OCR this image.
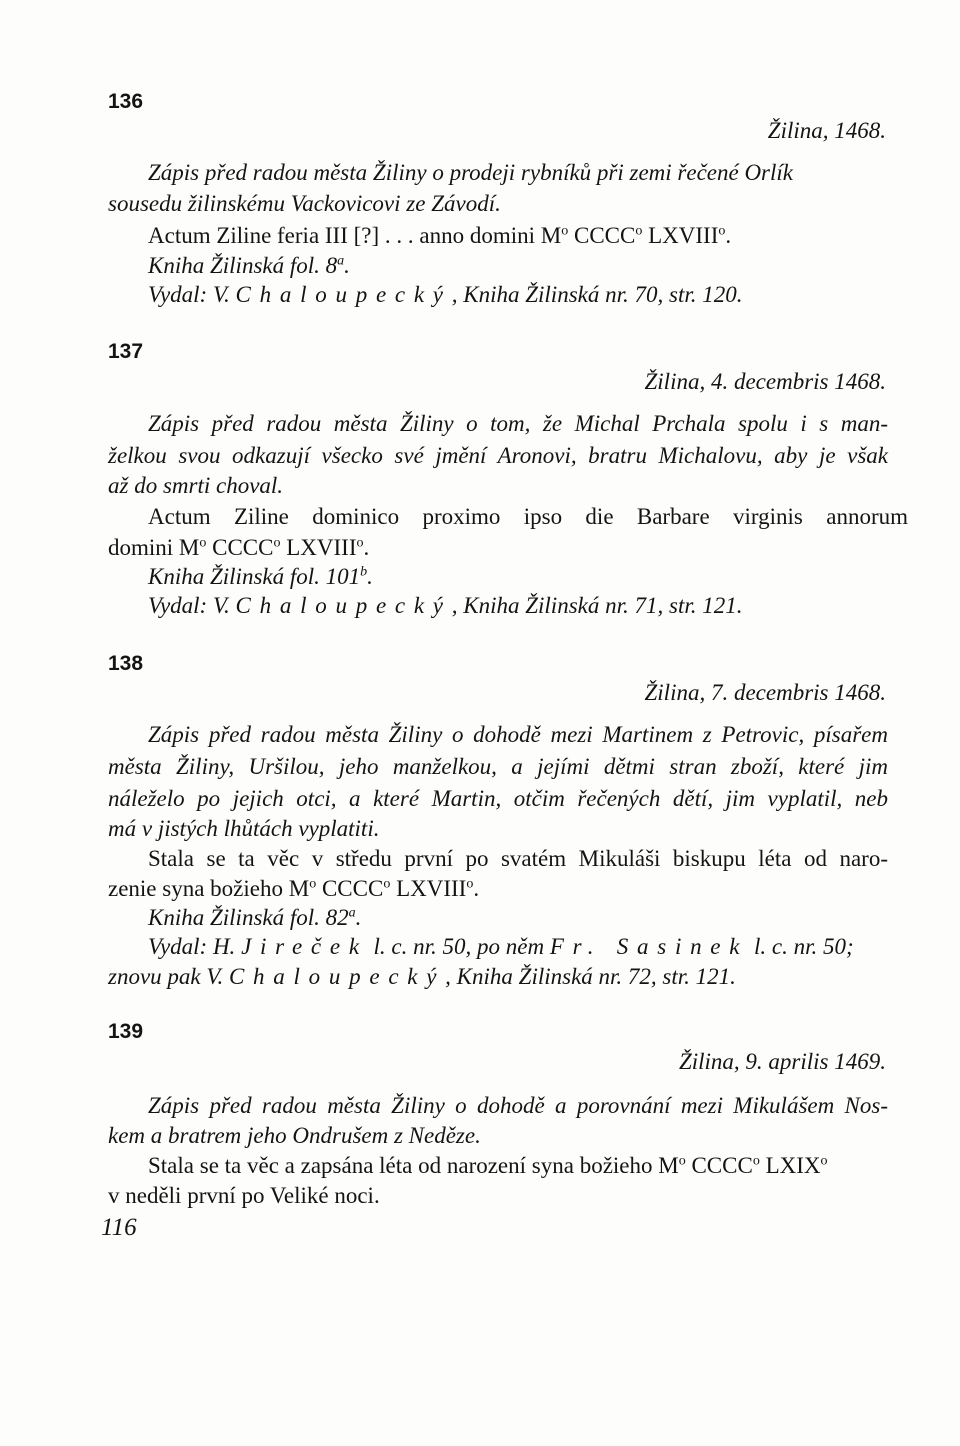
136
Žilina, 1468.
Zápis před radou města Žiliny o prodeji rybníků při zemi řečené Orlík
sousedu žilinskému Vackovicovi ze Závodí.
Actum Ziline feria III [?] . . . anno domini $M^o$ CCCC$^o$ LXVIII$^o$.
Kniha Žilinská fol. 8$^a$.
Vydal: V. Chaloupecký, Kniha Žilinská nr. 70, str. 120.
137
Žilina, 4. decembris 1468.
Zápis před radou města Žiliny o tom, že Michal Prchala spolu i s man-
želkou svou odkazují všecko své jmění Aronovi, bratru Michalovu, aby je však
až do smrti choval.
Actum Ziline dominico proximo ipso die Barbare virginis annorum
domini $M^o$ CCCC$^o$ LXVIII$^o$.
Kniha Žilinská fol. 101$^b$.
Vydal: V. Chaloupecký, Kniha Žilinská nr. 71, str. 121.
138
Žilina, 7. decembris 1468.
Zápis před radou města Žiliny o dohodě mezi Martinem z Petrovic, písařem
města Žiliny, Uršilou, jeho manželkou, a jejími dětmi stran zboží, které jim
náleželo po jejich otci, a které Martin, otčim řečených dětí, jim vyplatil, neb
má v jistých lhůtách vyplatiti.
Stala se ta věc v středu první po svatém Mikuláši biskupu léta od naro-
zenie syna božieho $M^o$ CCCC$^o$ LXVIII$^o$.
Kniha Žilinská fol. 82$^a$.
Vydal: H. Jireček l. c. nr. 50, po něm Fr. Sasinek l. c. nr. 50;
znovu pak V. Chaloupecký, Kniha Žilinská nr. 72, str. 121.
139
Žilina, 9. aprilis 1469.
Zápis před radou města Žiliny o dohodě a porovnání mezi Mikulášem Nos-
kem a bratrem jeho Ondrušem z Neděze.
Stala se ta věc a zapsána léta od narození syna božieho $M^o$ CCCC$^o$ LXIX$^o$
v neděli první po Veliké noci.
116
